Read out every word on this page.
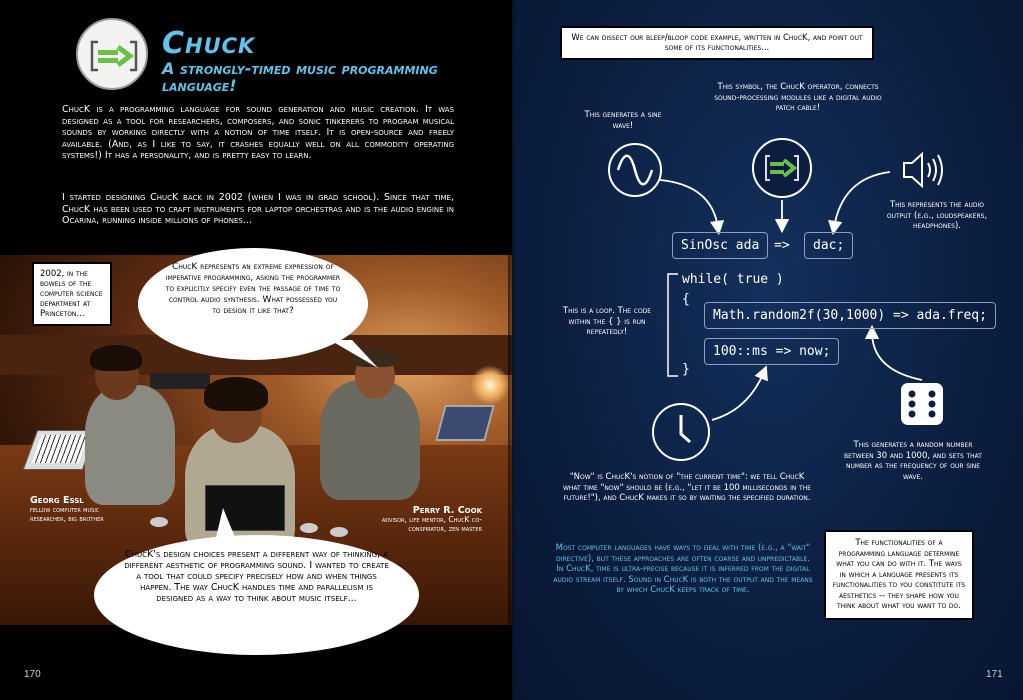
Chuck
A strongly-timed music programming language!
ChucK is a programming language for sound generation and music creation. It was designed as a tool for researchers, composers, and sonic tinkerers to program musical sounds by working directly with a notion of time itself. It is open-source and freely available. (And, as I like to say, it crashes equally well on all commodity operating systems!) It has a personality, and is pretty easy to learn.
I started designing ChucK back in 2002 (when I was in grad school). Since that time, ChucK has been used to craft instruments for laptop orchestras and is the audio engine in Ocarina, running inside millions of phones...
2002, in the bowels of the computer science department at Princeton...
ChucK represents an extreme expression of imperative programming, asking the programmer to explicitly specify even the passage of time to control audio synthesis. What possessed you to design it like that?
ChucK's design choices present a different way of thinking, a different aesthetic of programming sound. I wanted to create a tool that could specify precisely how and when things happen. The way ChucK handles time and parallelism is designed as a way to think about music itself...
Georg Essl

fellow computer music researcher, big brother
Perry R. Cook
advisor, life mentor, ChucK co-conspirator, zen master
170
We can dissect our bleep/bloop code example, written in ChucK, and point out some of its functionalities...
This generates a sine wave!
This symbol, the ChucK operator, connects sound-processing modules like a digital audio patch cable!
This represents the audio output (e.g., loudspeakers, headphones).
This is a loop. The code within the { } is run repeatedly!
This generates a random number between 30 and 1000, and sets that number as the frequency of our sine wave.
"Now" is ChucK's notion of "the current time": we tell ChucK what time "now" should be (e.g., "let it be 100 milliseconds in the future!"), and ChucK makes it so by waiting the specified duration.
SinOsc ada	=>	dac;
while( true )
{
Math.random2f(30,1000) => ada.freq;
100::ms => now;
}
Most computer languages have ways to deal with time (e.g., a "wait" directive), but these approaches are often coarse and unpredictable. In ChucK, time is ultra-precise because it is inferred from the digital audio stream itself. Sound in ChucK is both the output and the means by which ChucK keeps track of time.
The functionalities of a programming language determine what you can do with it. The ways in which a language presents its functionalities to you constitute its aesthetics -- they shape how you think about what you want to do.
171
